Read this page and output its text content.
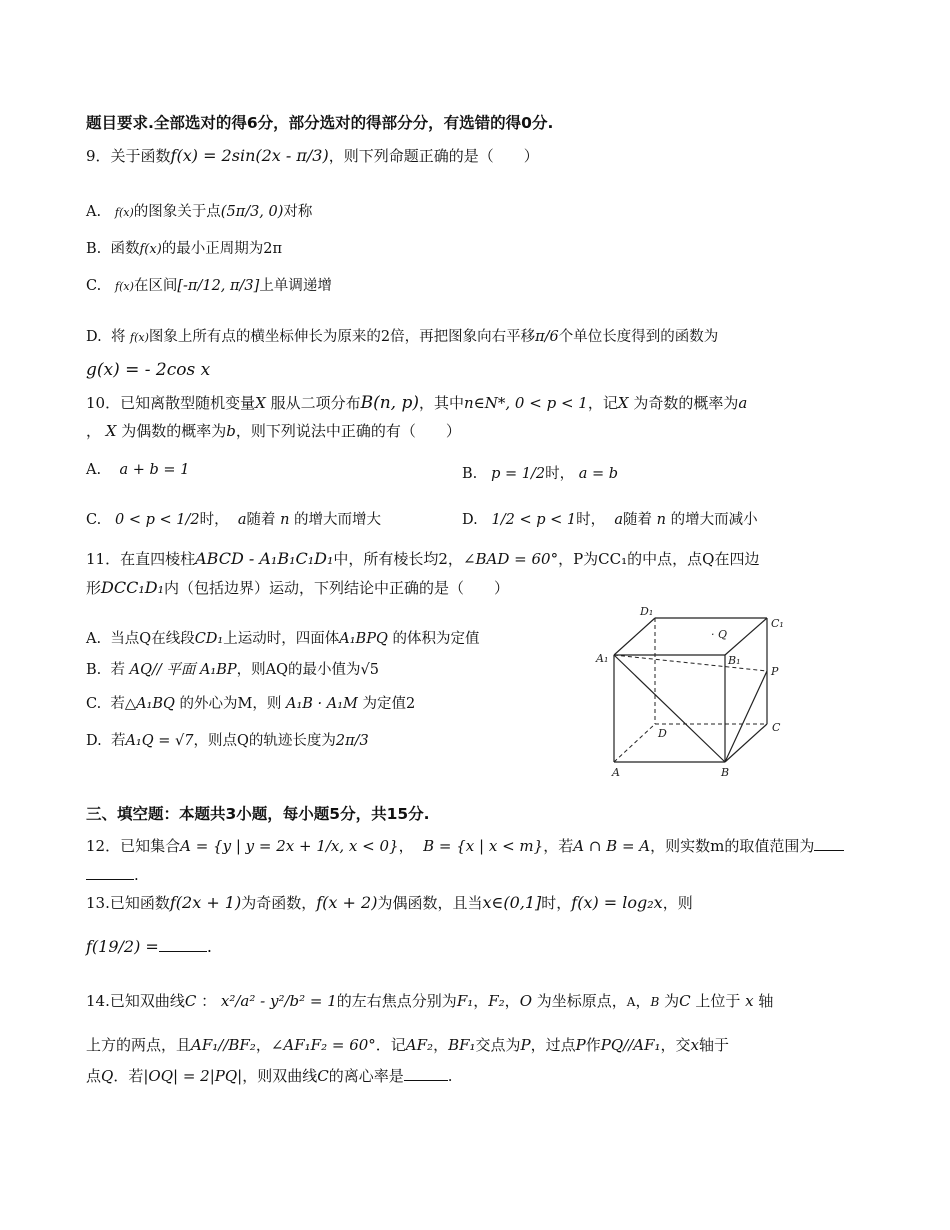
题目要求.全部选对的得6分，部分选对的得部分分，有选错的得0分.
9．关于函数f(x) = 2sin(2x - π/3)，则下列命题正确的是（　　）
A. f(x)的图象关于点(5π/3, 0)对称
B. 函数f(x)的最小正周期为2π
C. f(x)在区间[-π/12, π/3]上单调递增
D. 将 f(x)图象上所有点的横坐标伸长为原来的2倍，再把图象向右平移π/6个单位长度得到的函数为
g(x) = - 2cos x
10．已知离散型随机变量X 服从二项分布B(n, p)，其中n∈N*, 0 < p < 1，记X 为奇数的概率为a
， X 为偶数的概率为b，则下列说法中正确的有（　　）
A. a + b = 1	B. p = 1/2时， a = b
C. 0 < p < 1/2时， a随着 n 的增大而增大	D. 1/2 < p < 1时， a随着 n 的增大而减小
11．在直四棱柱ABCD - A₁B₁C₁D₁中，所有棱长均2，∠BAD = 60°，P为CC₁的中点，点Q在四边
形DCC₁D₁内（包括边界）运动，下列结论中正确的是（　　）
A. 当点Q在线段CD₁上运动时，四面体A₁BPQ 的体积为定值
B. 若 AQ// 平面 A₁BP，则AQ的最小值为√5
C. 若△A₁BQ 的外心为M，则 A₁B · A₁M 为定值2
D. 若A₁Q = √7，则点Q的轨迹长度为2π/3
D₁
C₁
A₁	B₁
P
· Q
D	C
A	B
三、填空题：本题共3小题，每小题5分，共15分.
12．已知集合A = {y | y = 2x + 1/x, x < 0}， B = {x | x < m}，若A ∩ B = A，则实数m的取值范围为
.
13.已知函数f(2x + 1)为奇函数，f(x + 2)为偶函数，且当x∈(0,1]时，f(x) = log₂x，则
f(19/2) =	.
14.已知双曲线C ： x²/a² - y²/b² = 1的左右焦点分别为F₁，F₂，O 为坐标原点，A，B 为C 上位于 x 轴
上方的两点，且AF₁//BF₂，∠AF₁F₂ = 60°．记AF₂，BF₁交点为P，过点P作PQ//AF₁，交x轴于
点Q．若|OQ| = 2|PQ|，则双曲线C的离心率是	.
